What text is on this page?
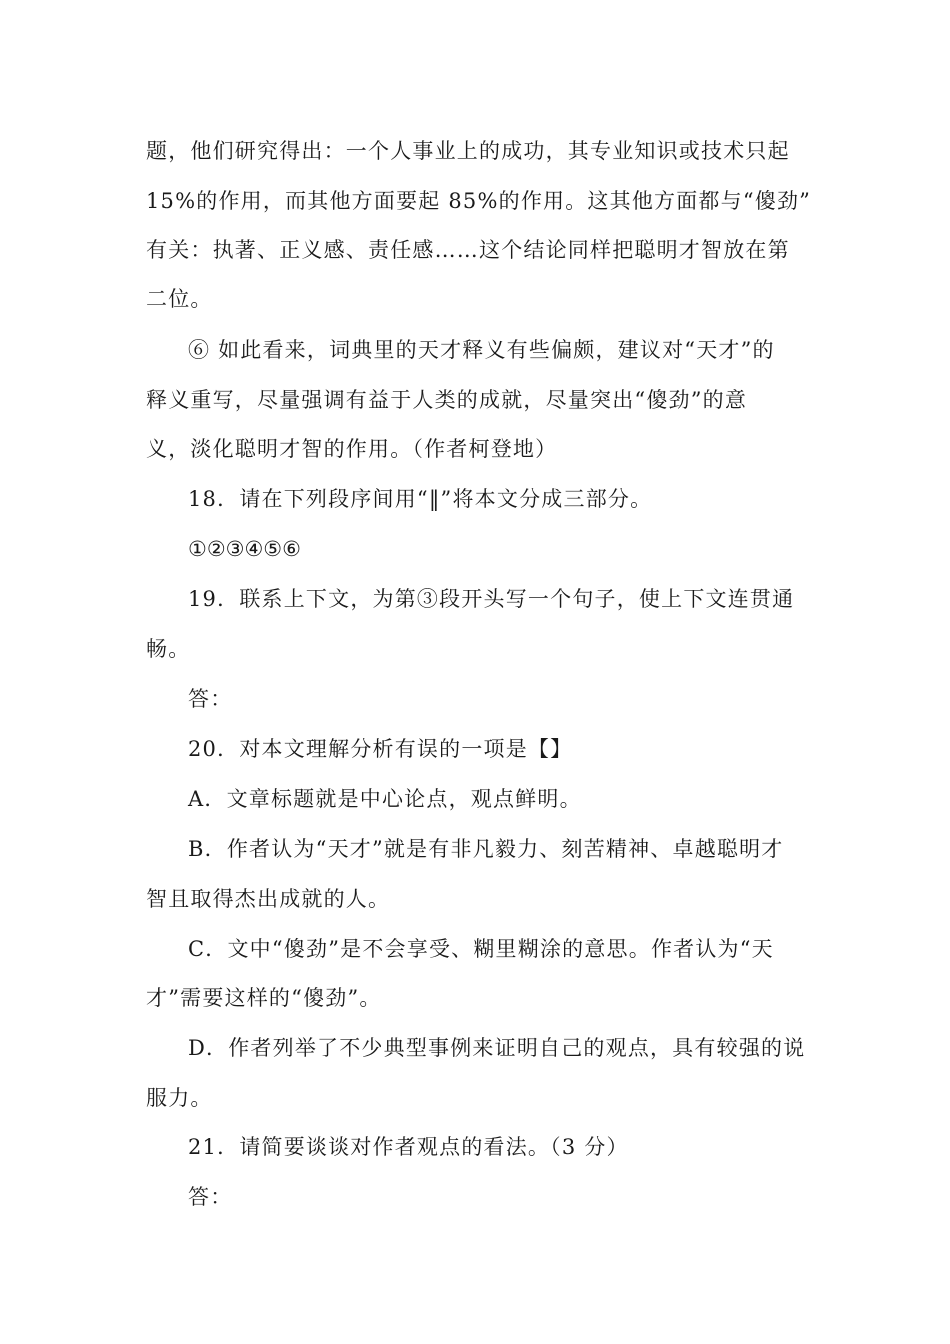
题，他们研究得出：一个人事业上的成功，其专业知识或技术只起
15%的作用，而其他方面要起 85%的作用。这其他方面都与“傻劲”
有关：执著、正义感、责任感……这个结论同样把聪明才智放在第
二位。
⑥ 如此看来，词典里的天才释义有些偏颇，建议对“天才”的
释义重写，尽量强调有益于人类的成就，尽量突出“傻劲”的意
义，淡化聪明才智的作用。（作者柯登地）
18．请在下列段序间用“‖”将本文分成三部分。
①②③④⑤⑥
19．联系上下文，为第③段开头写一个句子，使上下文连贯通
畅。
答：
20．对本文理解分析有误的一项是【】
A．文章标题就是中心论点，观点鲜明。
B．作者认为“天才”就是有非凡毅力、刻苦精神、卓越聪明才
智且取得杰出成就的人。
C．文中“傻劲”是不会享受、糊里糊涂的意思。作者认为“天
才”需要这样的“傻劲”。
D．作者列举了不少典型事例来证明自己的观点，具有较强的说
服力。
21．请简要谈谈对作者观点的看法。（3 分）
答：
